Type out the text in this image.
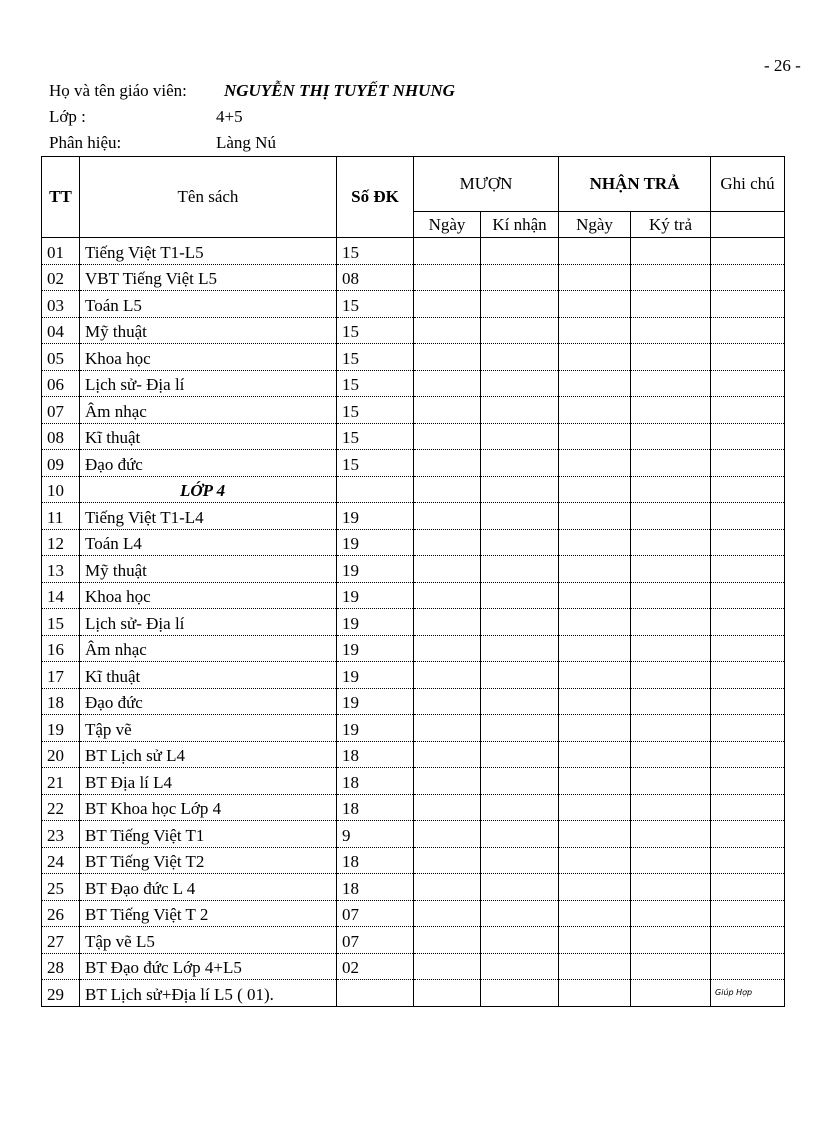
- 26 -
Họ và tên giáo viên: NGUYỄN THỊ TUYẾT NHUNG
Lớp :	4+5
Phân hiệu:	Làng Nú
TT	Tên sách	Số ĐK	MƯỢN		NHẬN TRẢ		Ghi chú
			Ngày	Kí nhận	Ngày	Ký trả	
01	Tiếng Việt T1-L5	15					
02	VBT Tiếng Việt L5	08					
03	Toán L5	15					
04	Mỹ thuật	15					
05	Khoa học	15					
06	Lịch sử- Địa lí	15					
07	Âm nhạc	15					
08	Kĩ thuật	15					
09	Đạo đức	15					
10	LỚP 4						
11	Tiếng Việt T1-L4	19					
12	Toán L4	19					
13	Mỹ thuật	19					
14	Khoa học	19					
15	Lịch sử- Địa lí	19					
16	Âm nhạc	19					
17	Kĩ thuật	19					
18	Đạo đức	19					
19	Tập vẽ	19					
20	BT Lịch sử L4	18					
21	BT Địa lí L4	18					
22	BT Khoa học Lớp 4	18					
23	BT Tiếng Việt T1	9					
24	BT Tiếng Việt T2	18					
25	BT Đạo đức L 4	18					
26	BT Tiếng Việt T 2	07					
27	Tập vẽ L5	07					
28	BT Đạo đức Lớp 4+L5	02					
29	BT Lịch sử+Địa lí L5 ( 01).						Giúp Hợp
